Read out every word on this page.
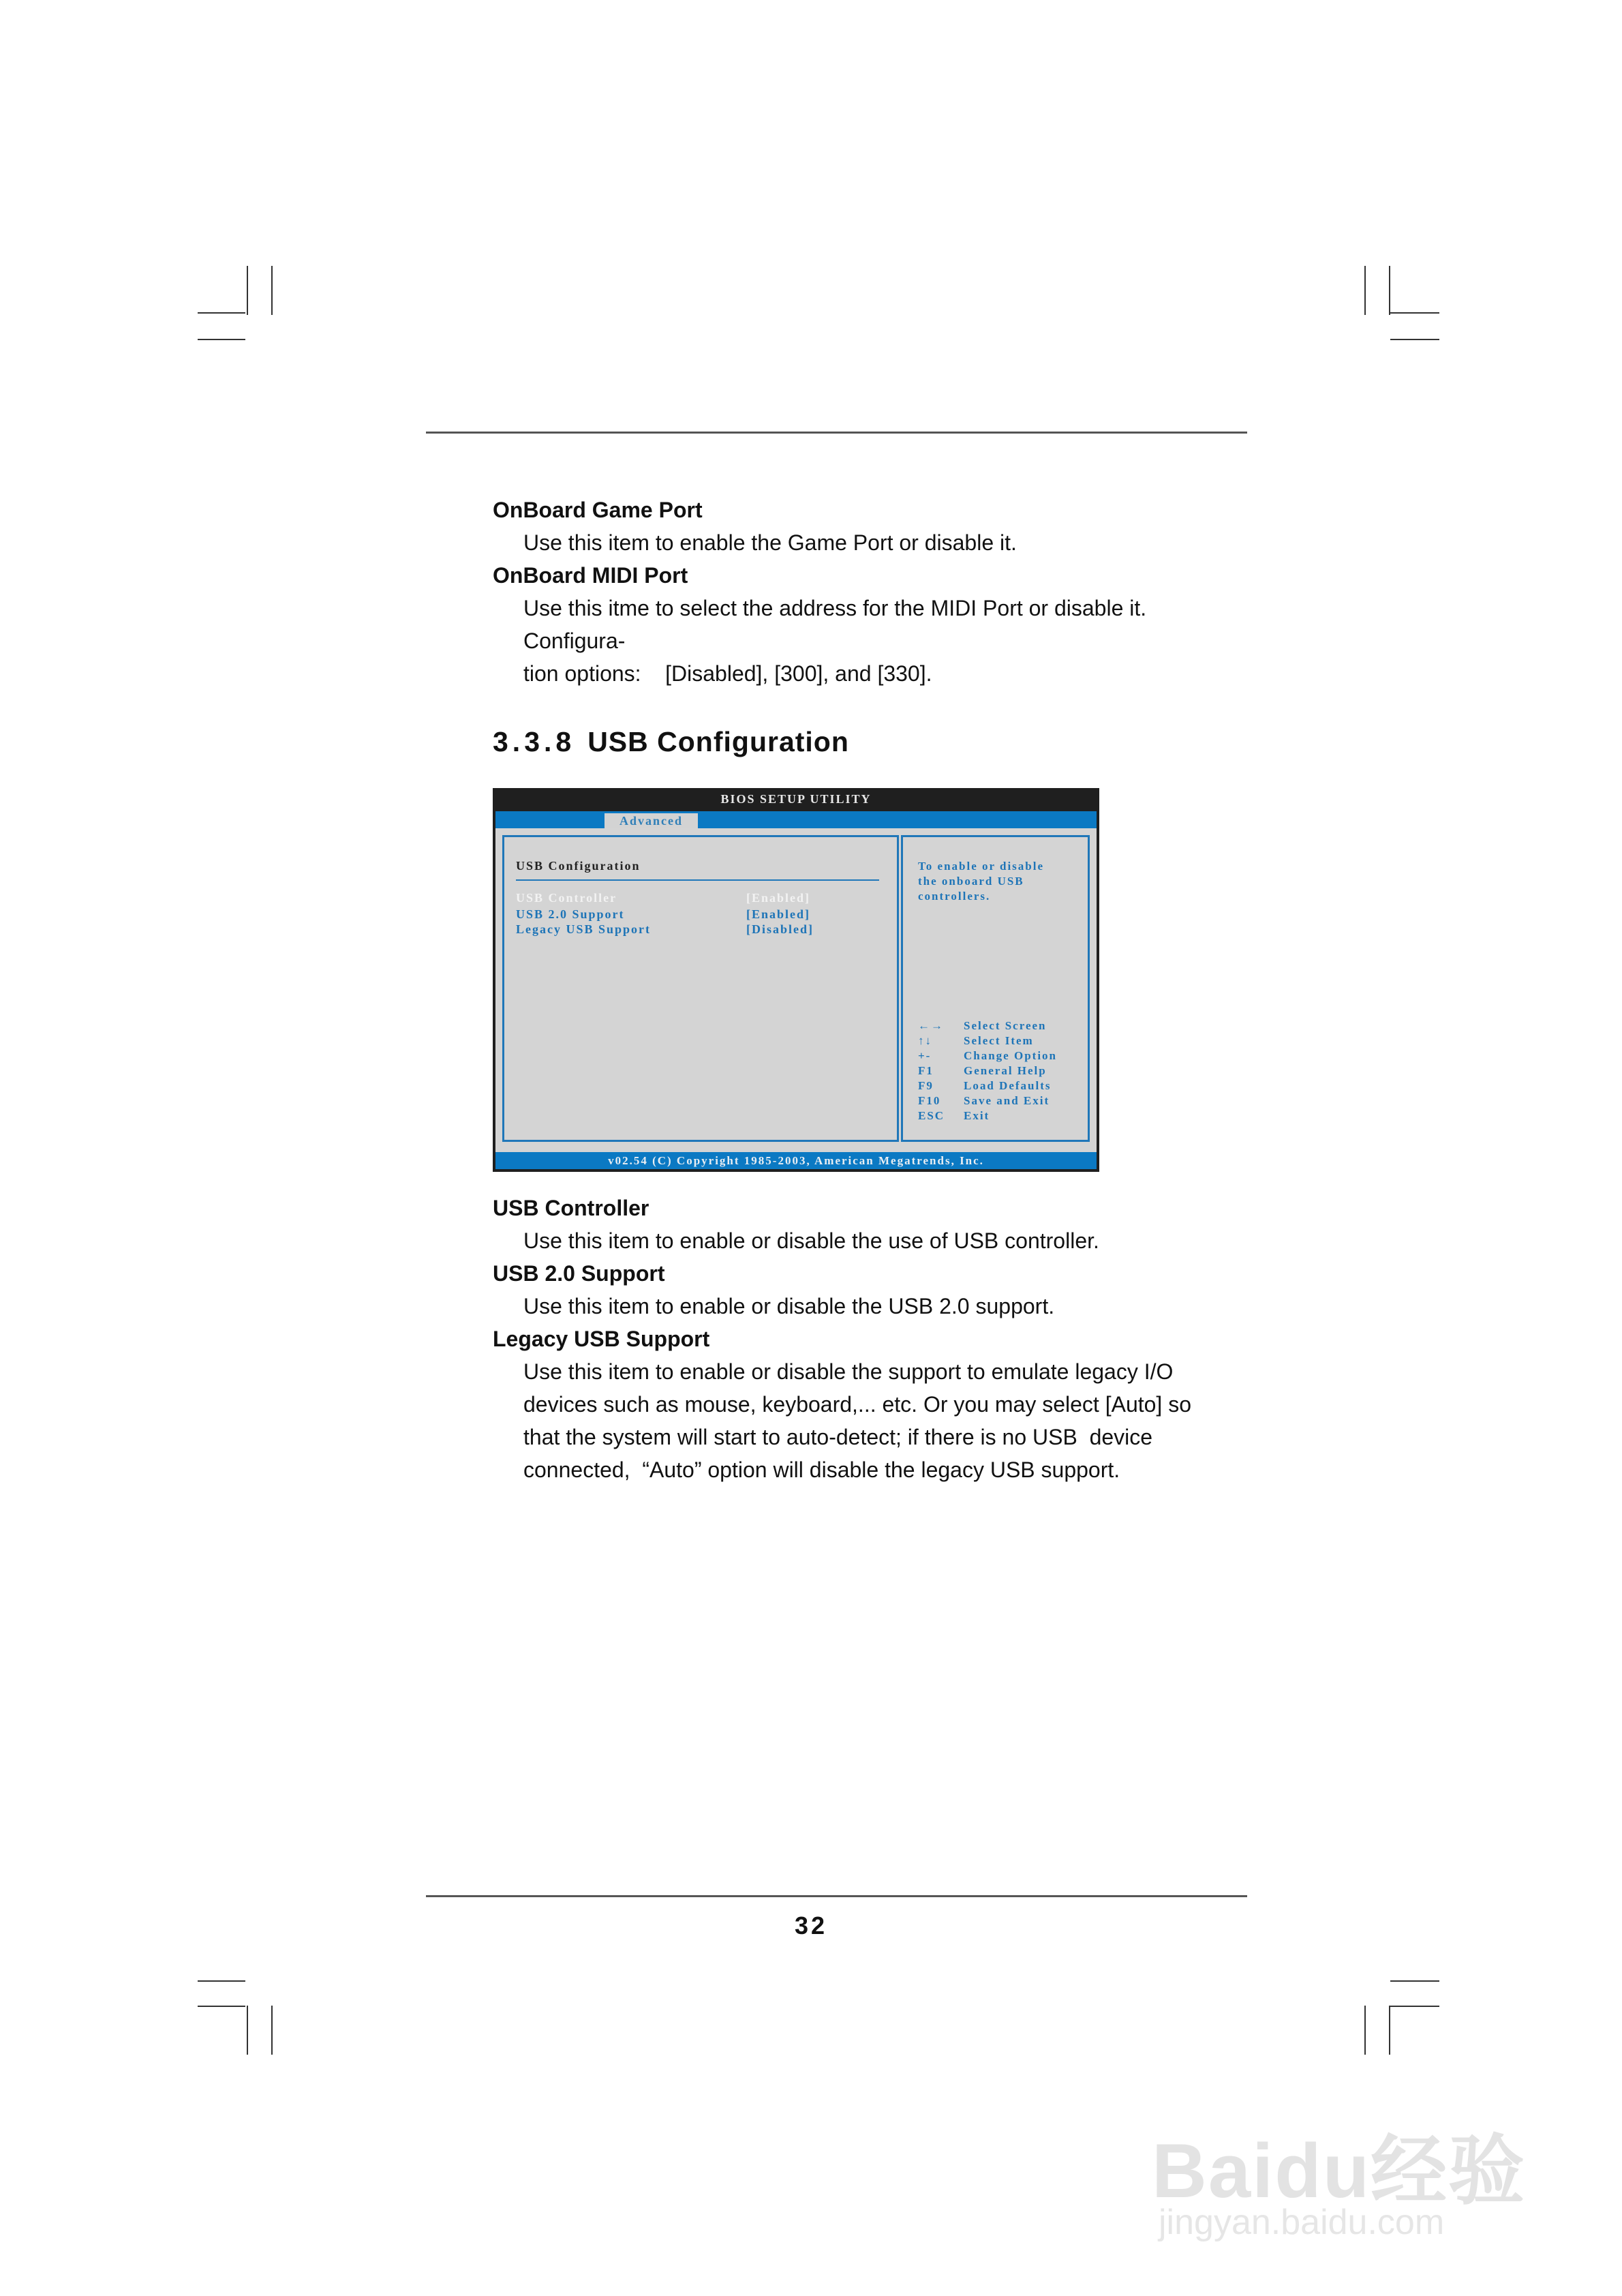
OnBoard Game Port

Use this item to enable the Game Port or disable it.

OnBoard MIDI Port

Use this itme to select the address for the MIDI Port or disable it. Configura-

tion options:    [Disabled], [300], and [330].

3.3.8 USB Configuration
BIOS SETUP UTILITY
Advanced
USB Configuration
USB Controller	[Enabled]
USB 2.0 Support	[Enabled]
Legacy USB Support	[Disabled]
To enable or disable
the onboard USB
controllers.
←→ Select Screen
↑↓	Select Item
+-	Change Option
F1	General Help
F9	Load Defaults
F10 Save and Exit
ESC Exit
v02.54 (C) Copyright 1985-2003, American Megatrends, Inc.

USB Controller

Use this item to enable or disable the use of USB controller.

USB 2.0 Support

Use this item to enable or disable the USB 2.0 support.

Legacy USB Support

Use this item to enable or disable the support to emulate legacy I/O

devices such as mouse, keyboard,... etc. Or you may select [Auto] so

that the system will start to auto-detect; if there is no USB  device

connected,  “Auto” option will disable the legacy USB support.

32
Baidu经验
jingyan.baidu.com
